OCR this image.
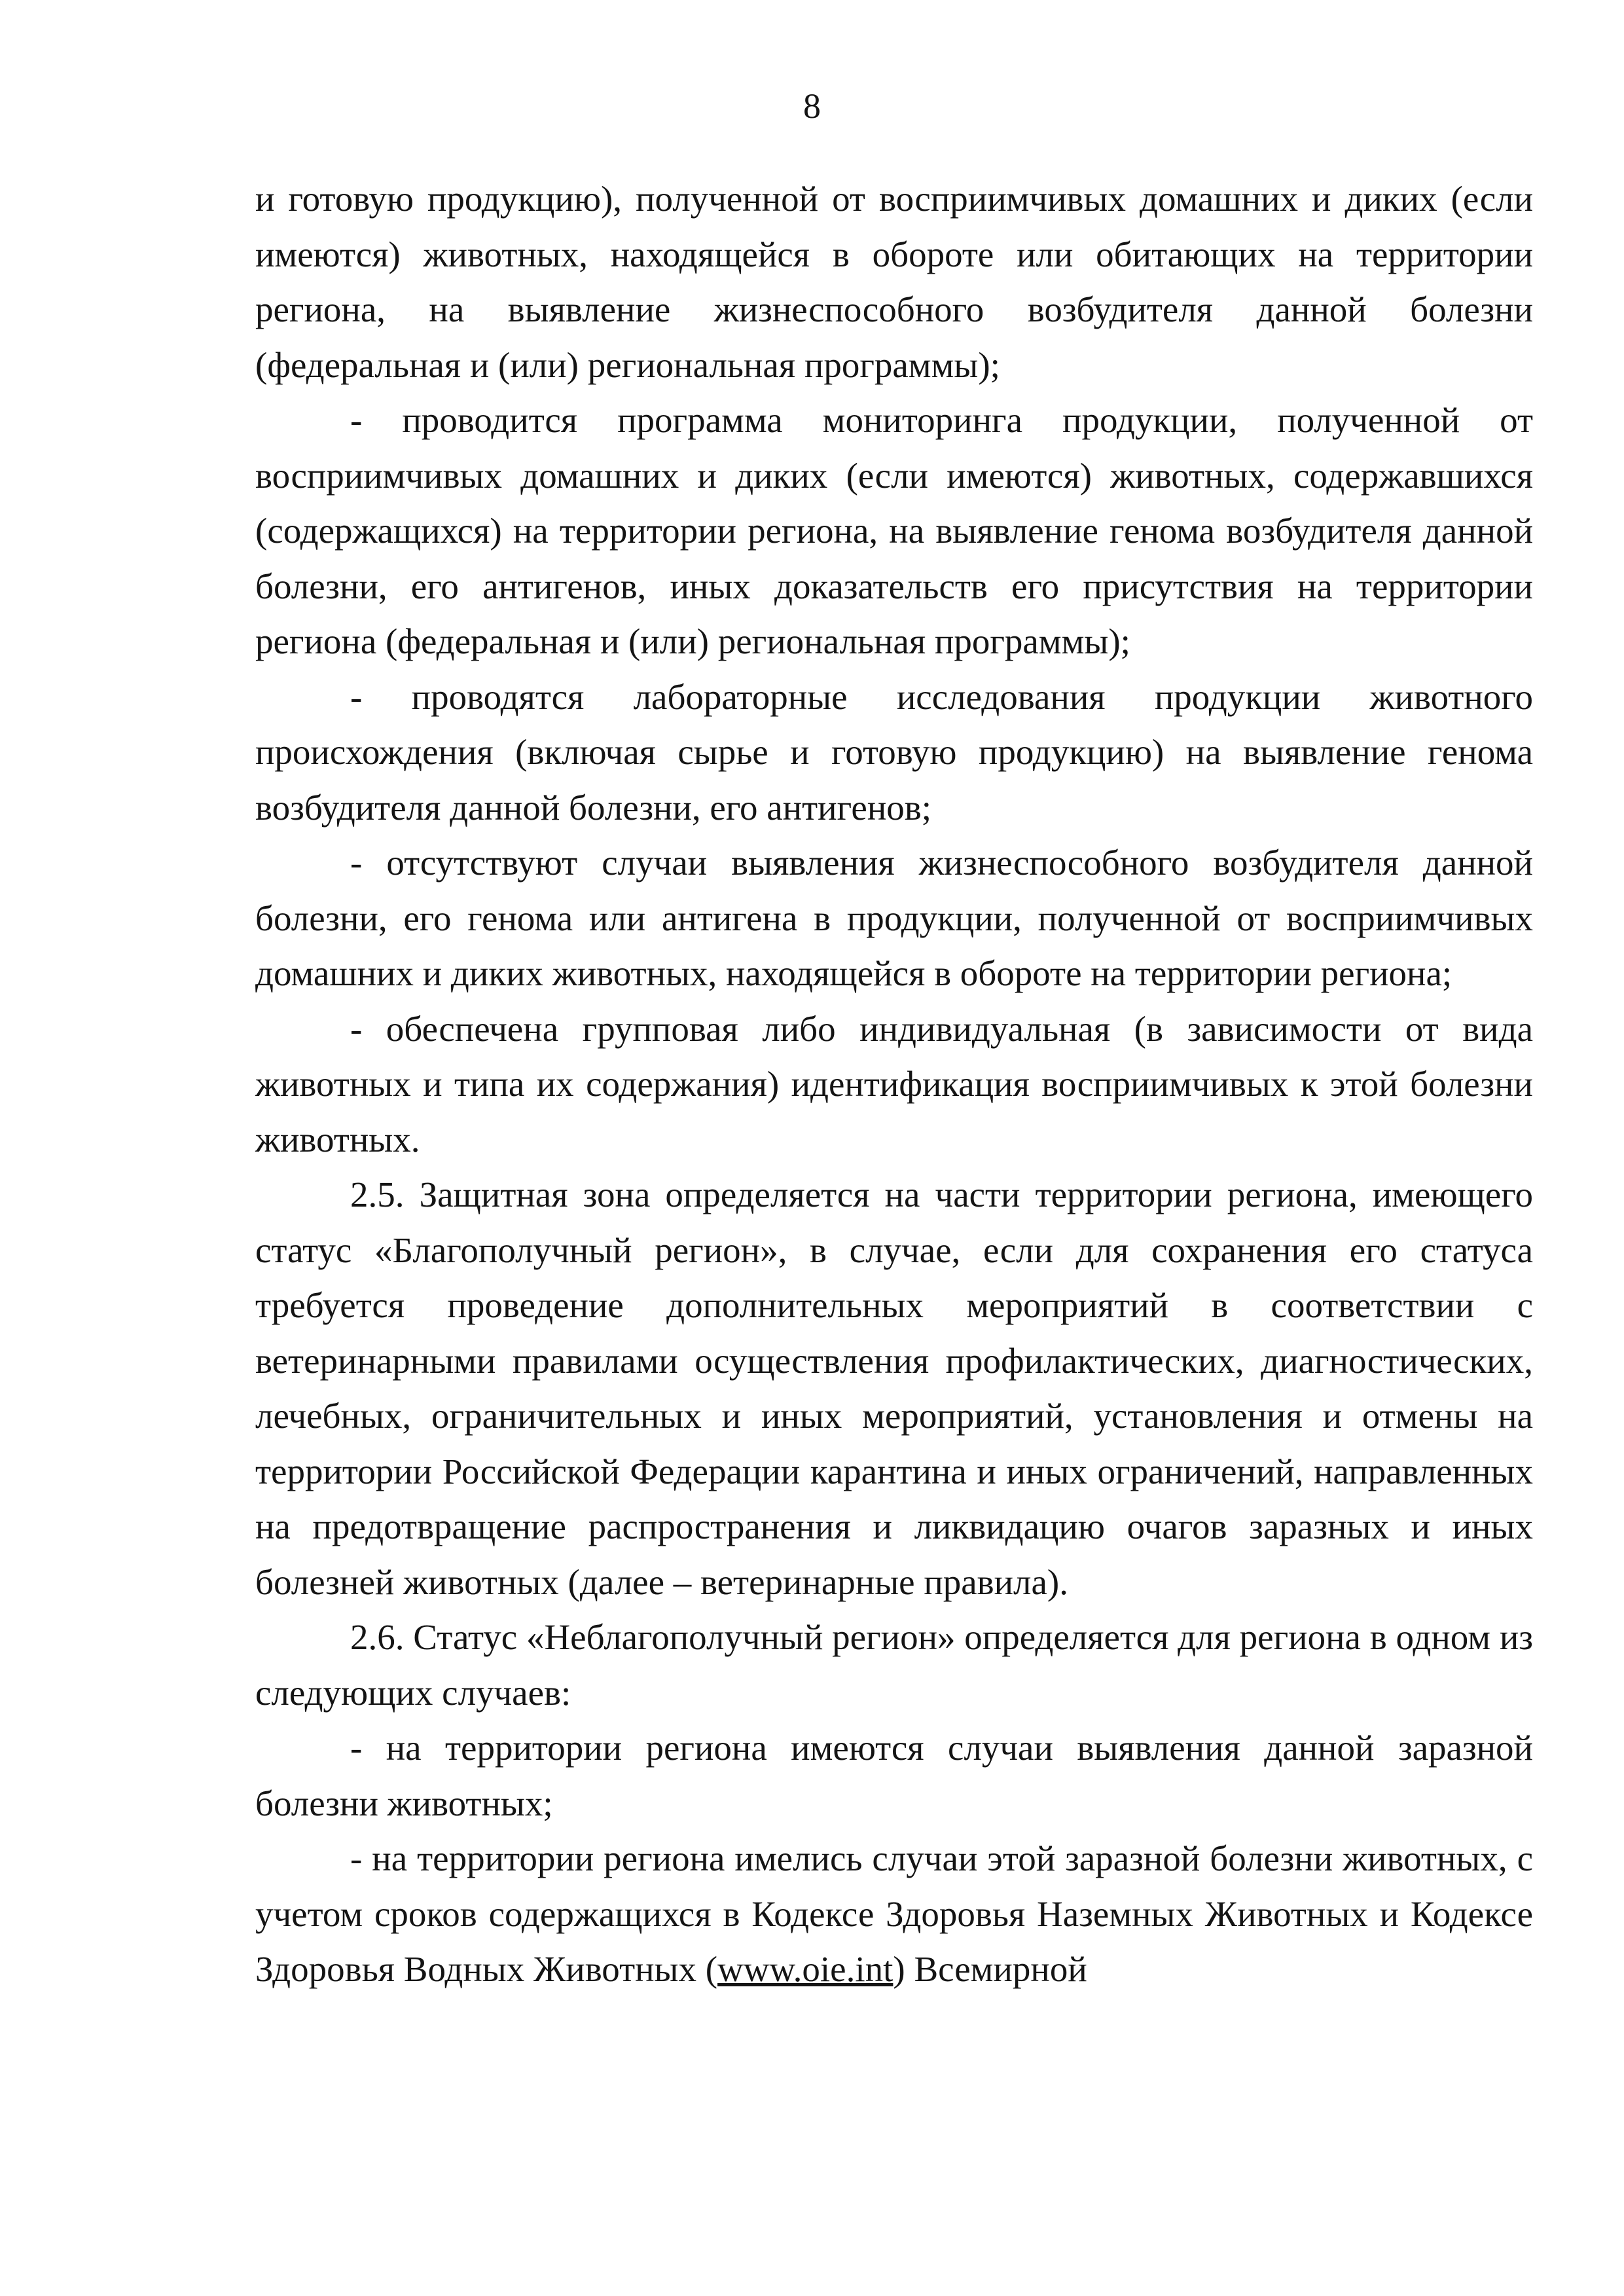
8

и готовую продукцию), полученной от восприимчивых домашних и диких (если имеются) животных, находящейся в обороте или обитающих на территории региона, на выявление жизнеспособного возбудителя данной болезни (федеральная и (или) региональная программы);

- проводится программа мониторинга продукции, полученной от восприимчивых домашних и диких (если имеются) животных, содержавшихся (содержащихся) на территории региона, на выявление генома возбудителя данной болезни, его антигенов, иных доказательств его присутствия на территории региона (федеральная и (или) региональная программы);

- проводятся лабораторные исследования продукции животного происхождения (включая сырье и готовую продукцию) на выявление генома возбудителя данной болезни, его антигенов;

- отсутствуют случаи выявления жизнеспособного возбудителя данной болезни, его генома или антигена в продукции, полученной от восприимчивых домашних и диких животных, находящейся в обороте на территории региона;

- обеспечена групповая либо индивидуальная (в зависимости от вида животных и типа их содержания) идентификация восприимчивых к этой болезни животных.

2.5. Защитная зона определяется на части территории региона, имеющего статус «Благополучный регион», в случае, если для сохранения его статуса требуется проведение дополнительных мероприятий в соответствии с ветеринарными правилами осуществления профилактических, диагностических, лечебных, ограничительных и иных мероприятий, установления и отмены на территории Российской Федерации карантина и иных ограничений, направленных на предотвращение распространения и ликвидацию очагов заразных и иных болезней животных (далее – ветеринарные правила).

2.6. Статус «Неблагополучный регион» определяется для региона в одном из следующих случаев:

- на территории региона имеются случаи выявления данной заразной болезни животных;

- на территории региона имелись случаи этой заразной болезни животных, с учетом сроков содержащихся в Кодексе Здоровья Наземных Животных и Кодексе Здоровья Водных Животных (www.oie.int) Всемирной
